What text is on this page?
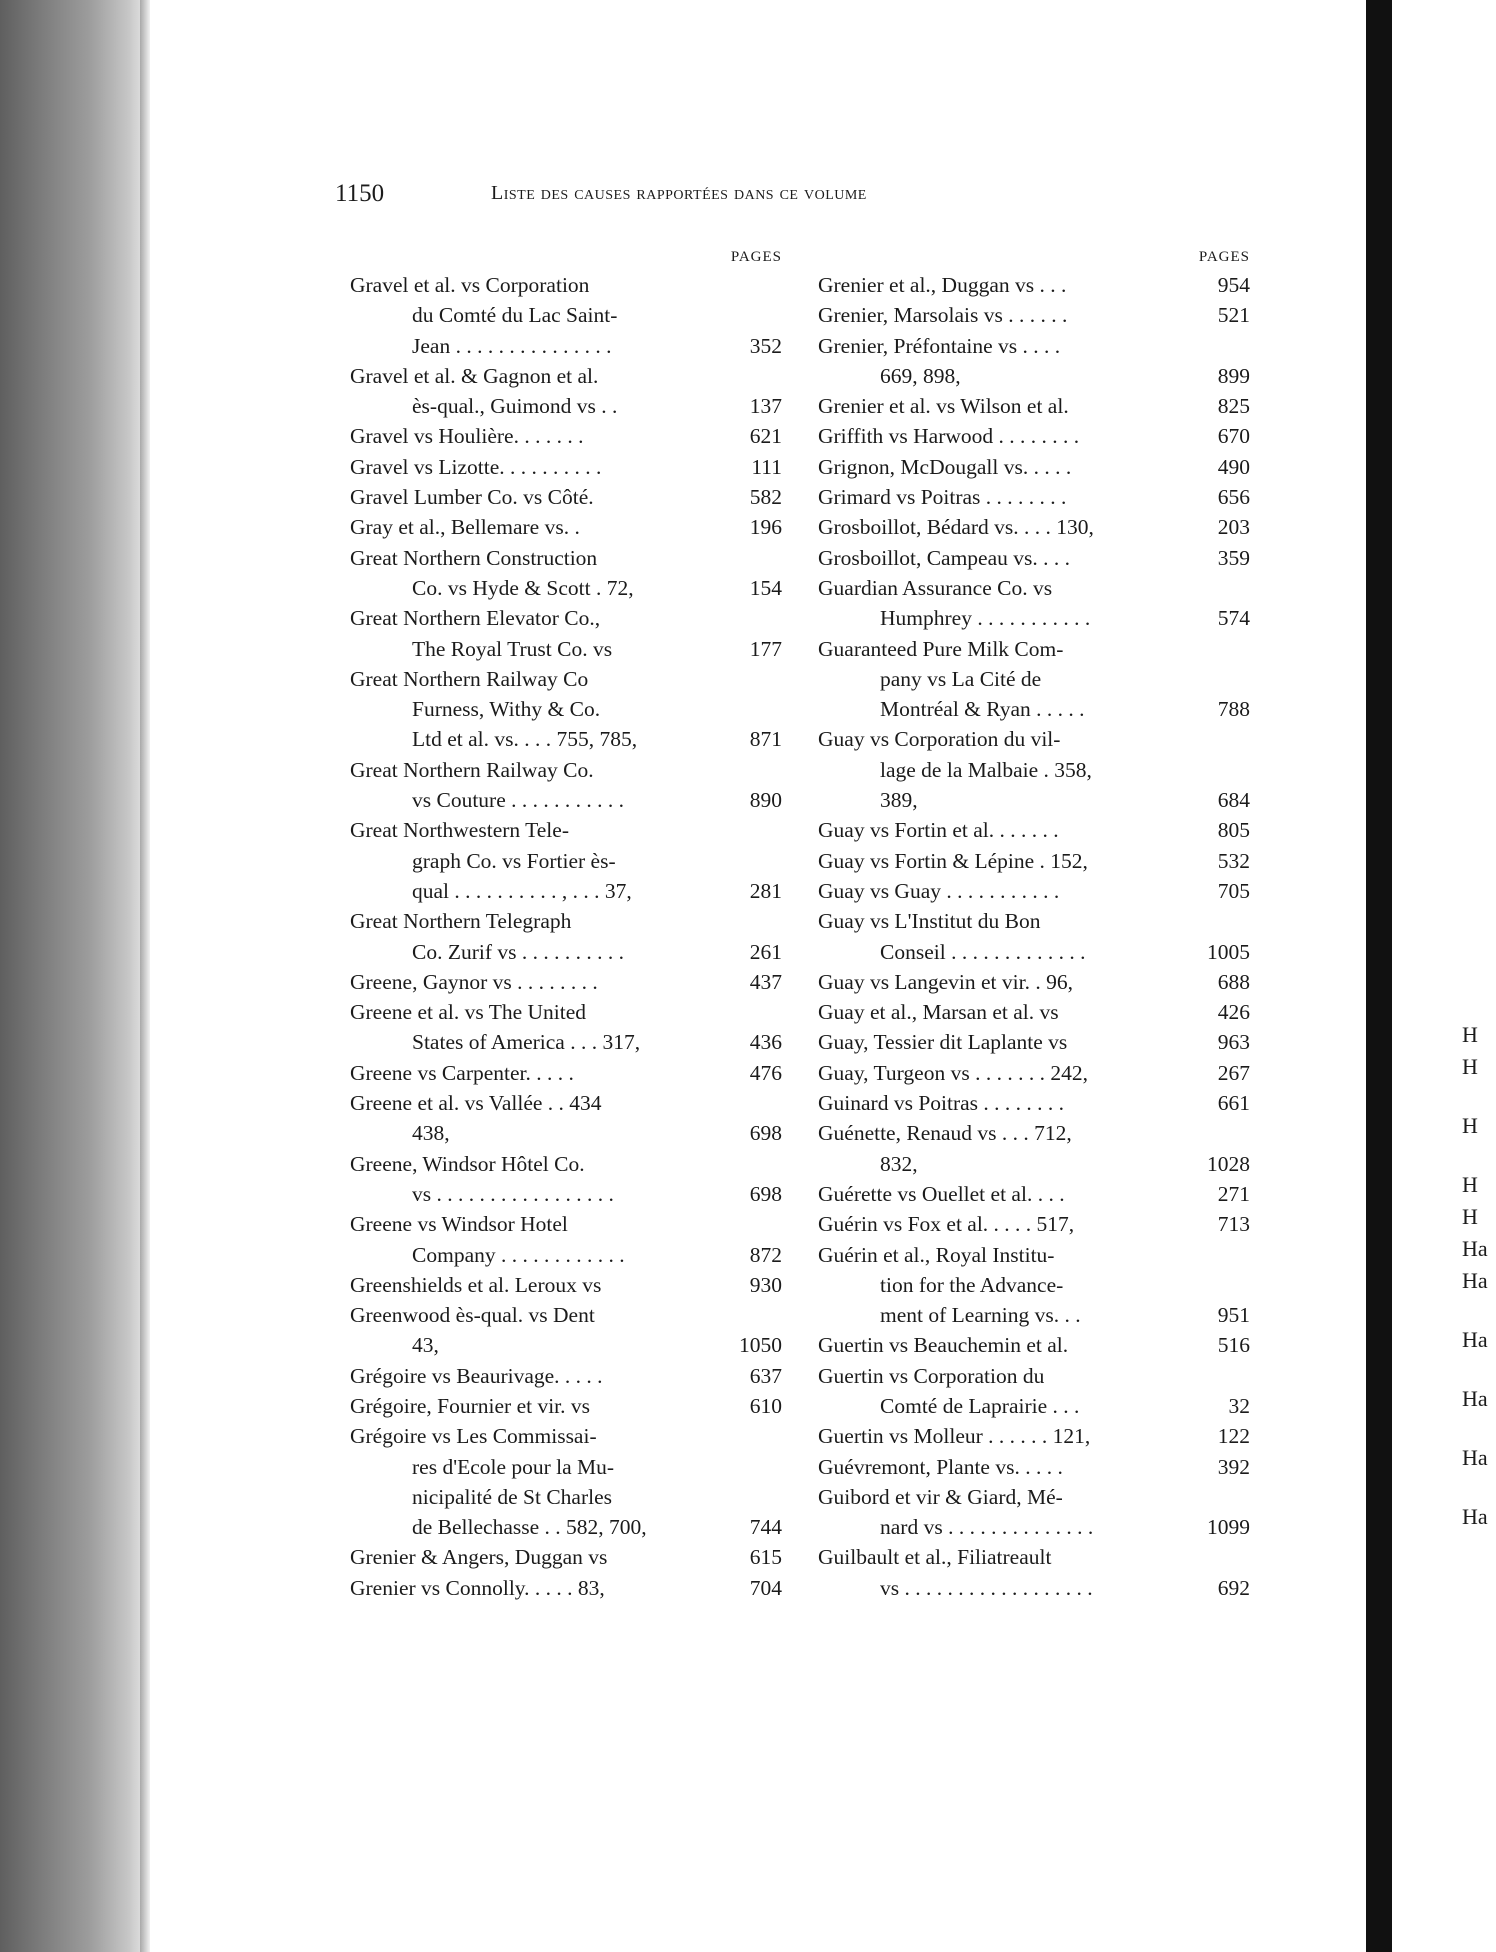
1150	Liste des causes rapportées dans ce volume
PAGES
Gravel et al. vs Corporation
du Comté du Lac Saint-
Jean . . . . . . . . . . . . . . .	352
Gravel et al. & Gagnon et al.
ès-qual., Guimond vs . .	137
Gravel vs Houlière. . . . . . .	621
Gravel vs Lizotte. . . . . . . . . .	111
Gravel Lumber Co. vs Côté.	582
Gray et al., Bellemare vs. .	196
Great Northern Construction
Co. vs Hyde & Scott . 72,	154
Great Northern Elevator Co.,
The Royal Trust Co. vs	177
Great Northern Railway Co
Furness, Withy & Co.
Ltd et al. vs. . . . 755, 785,	871
Great Northern Railway Co.
vs Couture . . . . . . . . . . .	890
Great Northwestern Tele-
graph Co. vs Fortier ès-
qual . . . . . . . . . . , . . . 37,	281
Great Northern Telegraph
Co. Zurif vs . . . . . . . . . .	261
Greene, Gaynor vs . . . . . . . .	437
Greene et al. vs The United
States of America . . . 317,	436
Greene vs Carpenter. . . . .	476
Greene et al. vs Vallée . . 434
438,	698
Greene, Windsor Hôtel Co.
vs . . . . . . . . . . . . . . . . .	698
Greene vs Windsor Hotel
Company . . . . . . . . . . . .	872
Greenshields et al. Leroux vs	930
Greenwood ès-qual. vs Dent
43,	1050
Grégoire vs Beaurivage. . . . .	637
Grégoire, Fournier et vir. vs	610
Grégoire vs Les Commissai-
res d'Ecole pour la Mu-
nicipalité de St Charles
de Bellechasse . . 582, 700,	744
Grenier & Angers, Duggan vs	615
Grenier vs Connolly. . . . . 83,	704
PAGES
Grenier et al., Duggan vs . . .	954
Grenier, Marsolais vs . . . . . .	521
Grenier, Préfontaine vs . . . .
669, 898,	899
Grenier et al. vs Wilson et al.	825
Griffith vs Harwood . . . . . . . .	670
Grignon, McDougall vs. . . . .	490
Grimard vs Poitras . . . . . . . .	656
Grosboillot, Bédard vs. . . . 130,	203
Grosboillot, Campeau vs. . . .	359
Guardian Assurance Co. vs
Humphrey . . . . . . . . . . .	574
Guaranteed Pure Milk Com-
pany vs La Cité de
Montréal & Ryan . . . . .	788
Guay vs Corporation du vil-
lage de la Malbaie . 358,
389,	684
Guay vs Fortin et al. . . . . . .	805
Guay vs Fortin & Lépine . 152,	532
Guay vs Guay . . . . . . . . . . .	705
Guay vs L'Institut du Bon
Conseil . . . . . . . . . . . . .	1005
Guay vs Langevin et vir. . 96,	688
Guay et al., Marsan et al. vs	426
Guay, Tessier dit Laplante vs	963
Guay, Turgeon vs . . . . . . . 242,	267
Guinard vs Poitras . . . . . . . .	661
Guénette, Renaud vs . . . 712,
832,	1028
Guérette vs Ouellet et al. . . .	271
Guérin vs Fox et al. . . . . 517,	713
Guérin et al., Royal Institu-
tion for the Advance-
ment of Learning vs. . .	951
Guertin vs Beauchemin et al.	516
Guertin vs Corporation du
Comté de Laprairie . . .	32
Guertin vs Molleur . . . . . . 121,	122
Guévremont, Plante vs. . . . .	392
Guibord et vir & Giard, Mé-
nard vs . . . . . . . . . . . . . .	1099
Guilbault et al., Filiatreault
vs . . . . . . . . . . . . . . . . . .	692
H
H
H
H
H
Ha
Ha
Ha
Ha
Ha
Ha
